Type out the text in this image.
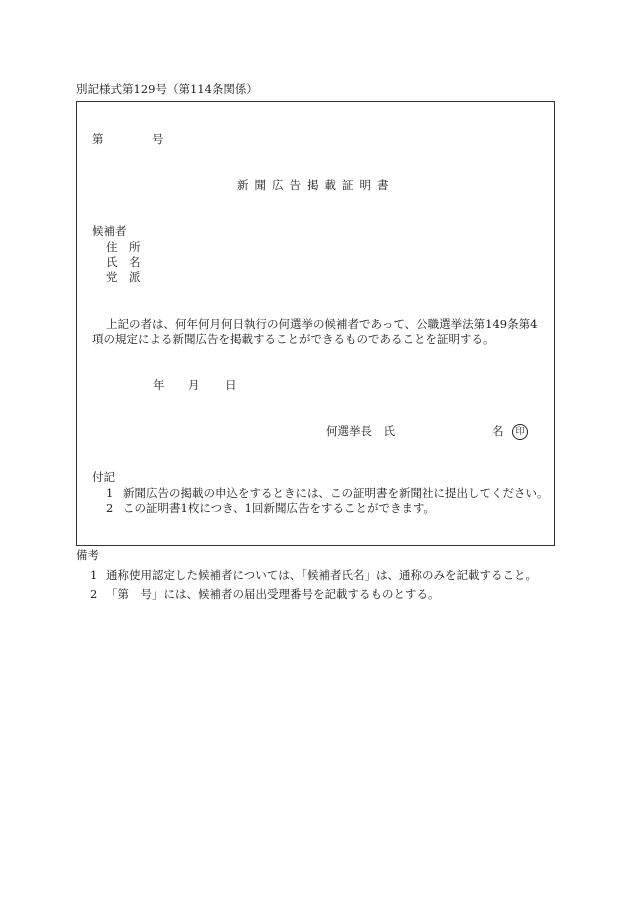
別記様式第129号（第114条関係）
第	号
新聞広告掲載証明書
候補者
住　所
氏　名
党　派
上記の者は、何年何月何日執行の何選挙の候補者であって、公職選挙法第149条第4
項の規定による新聞広告を掲載することができるものであることを証明する。
年 月 日
何選挙長　氏	名	印
付記
1 新聞広告の掲載の申込をするときには、この証明書を新聞社に提出してください。
2 この証明書1枚につき、1回新聞広告をすることができます。
備考
1 通称使用認定した候補者については、「候補者氏名」は、通称のみを記載すること。
2 「第　号」には、候補者の届出受理番号を記載するものとする。
